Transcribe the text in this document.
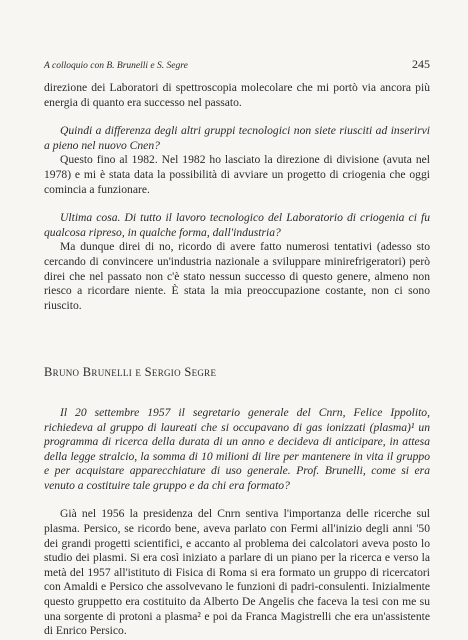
A colloquio con B. Brunelli e S. Segre	245

direzione dei Laboratori di spettroscopia molecolare che mi portò via ancora più energia di quanto era successo nel passato.

Quindi a differenza degli altri gruppi tecnologici non siete riusciti ad inserirvi a pieno nel nuovo Cnen?

Questo fino al 1982. Nel 1982 ho lasciato la direzione di divisione (avuta nel 1978) e mi è stata data la possibilità di avviare un progetto di criogenia che oggi comincia a funzionare.

Ultima cosa. Di tutto il lavoro tecnologico del Laboratorio di criogenia ci fu qualcosa ripreso, in qualche forma, dall'industria?

Ma dunque direi di no, ricordo di avere fatto numerosi tentativi (adesso sto cercando di convincere un'industria nazionale a sviluppare minirefrigeratori) però direi che nel passato non c'è stato nessun successo di questo genere, almeno non riesco a ricordare niente. È stata la mia preoccupazione costante, non ci sono riuscito.

Bruno Brunelli e Sergio Segre

Il 20 settembre 1957 il segretario generale del Cnrn, Felice Ippolito, richiedeva al gruppo di laureati che si occupavano di gas ionizzati (plasma)¹ un programma di ricerca della durata di un anno e decideva di anticipare, in attesa della legge stralcio, la somma di 10 milioni di lire per mantenere in vita il gruppo e per acquistare apparecchiature di uso generale. Prof. Brunelli, come si era venuto a costituire tale gruppo e da chi era formato?

Già nel 1956 la presidenza del Cnrn sentiva l'importanza delle ricerche sul plasma. Persico, se ricordo bene, aveva parlato con Fermi all'inizio degli anni '50 dei grandi progetti scientifici, e accanto al problema dei calcolatori aveva posto lo studio dei plasmi. Si era così iniziato a parlare di un piano per la ricerca e verso la metà del 1957 all'istituto di Fisica di Roma si era formato un gruppo di ricercatori con Amaldi e Persico che assolvevano le funzioni di padri-consulenti. Inizialmente questo gruppetto era costituito da Alberto De Angelis che faceva la tesi con me su una sorgente di protoni a plasma² e poi da Franca Magistrelli che era un'assistente di Enrico Persico.
